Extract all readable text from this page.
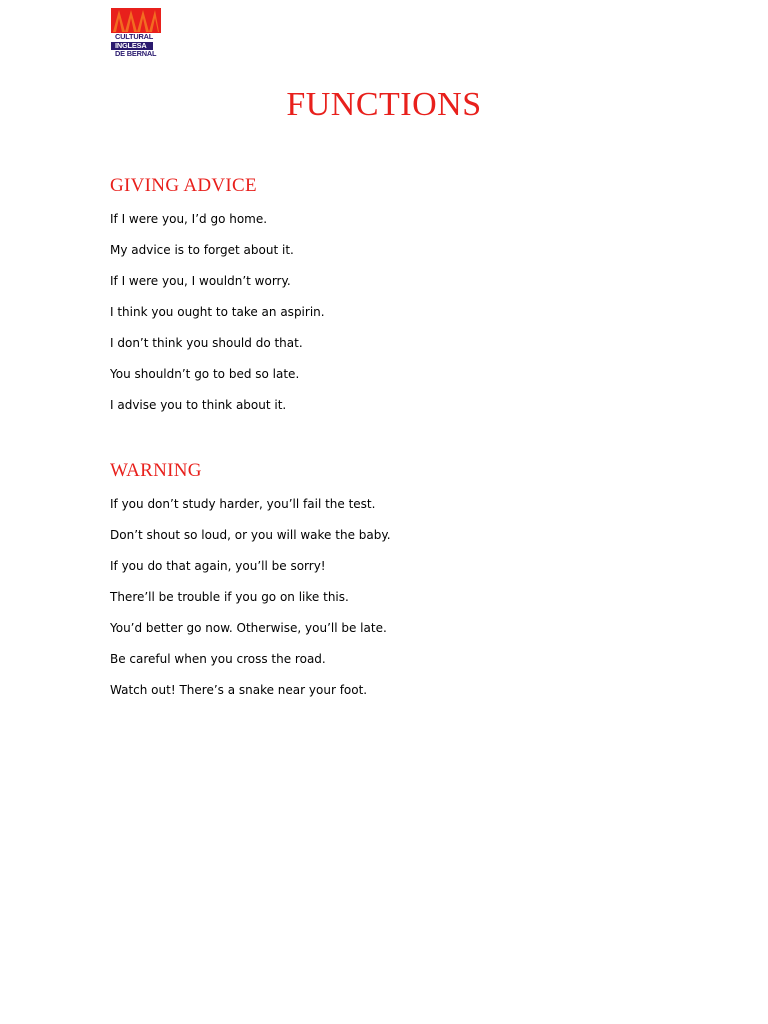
CULTURAL
INGLESA
DE BERNAL
FUNCTIONS
GIVING ADVICE
If I were you, I’d go home.
My advice is to forget about it.
If I were you, I wouldn’t worry.
I think you ought to take an aspirin.
I don’t think you should do that.
You shouldn’t go to bed so late.
I advise you to think about it.
WARNING
If you don’t study harder, you’ll fail the test.
Don’t shout so loud, or you will wake the baby.
If you do that again, you’ll be sorry!
There’ll be trouble if you go on like this.
You’d better go now. Otherwise, you’ll be late.
Be careful when you cross the road.
Watch out! There’s a snake near your foot.
